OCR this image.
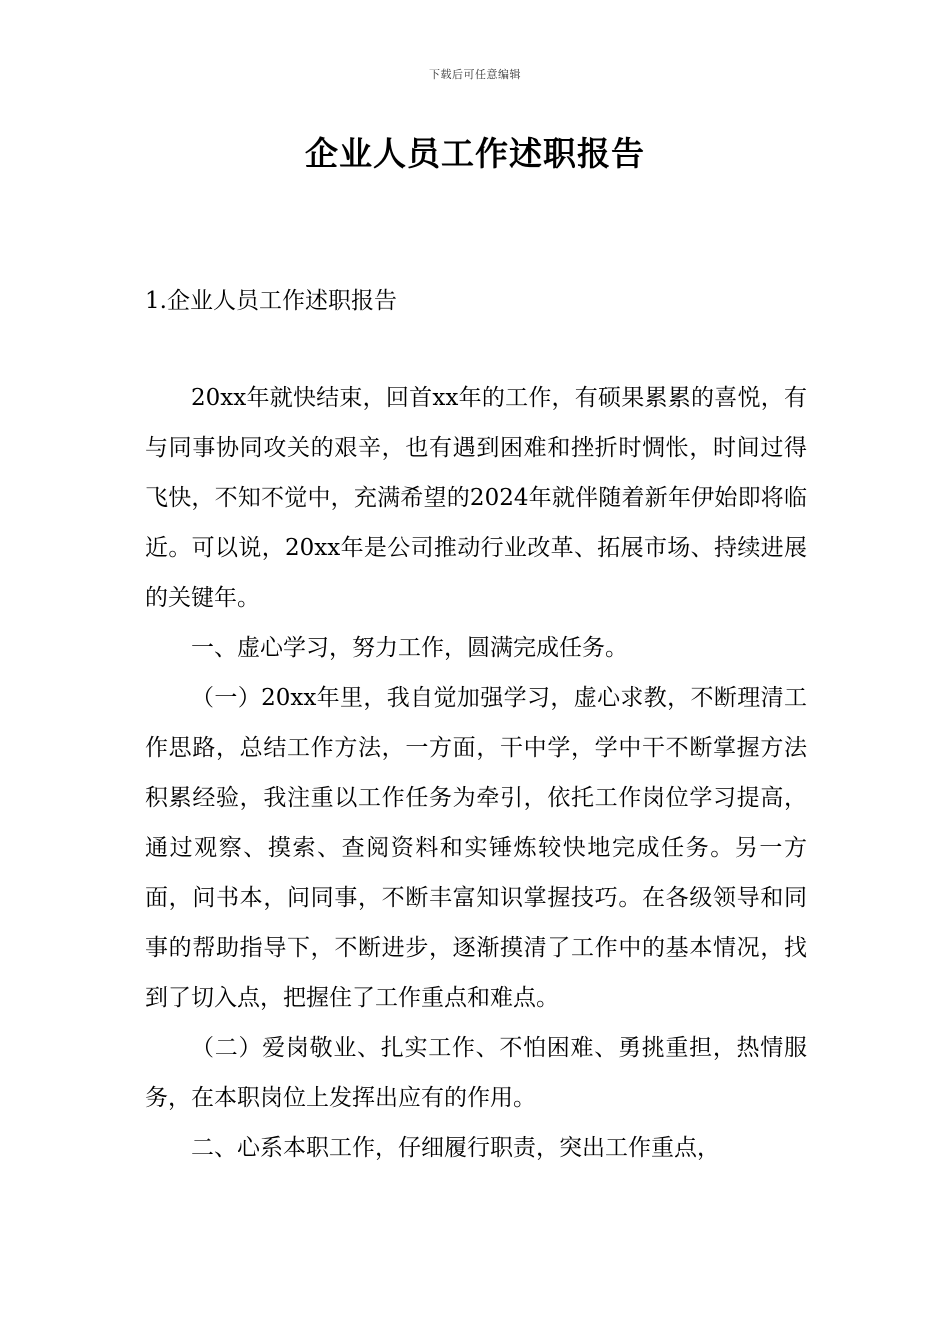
下载后可任意编辑
企业人员工作述职报告
1.企业人员工作述职报告

20xx年就快结束，回首xx年的工作，有硕果累累的喜悦，有与同事协同攻关的艰辛，也有遇到困难和挫折时惆怅，时间过得飞快，不知不觉中，充满希望的2024年就伴随着新年伊始即将临近。可以说，20xx年是公司推动行业改革、拓展市场、持续进展的关键年。

一、虚心学习，努力工作，圆满完成任务。

（一）20xx年里，我自觉加强学习，虚心求教，不断理清工作思路，总结工作方法，一方面，干中学，学中干不断掌握方法积累经验，我注重以工作任务为牵引，依托工作岗位学习提高，通过观察、摸索、查阅资料和实锤炼较快地完成任务。另一方面，问书本，问同事，不断丰富知识掌握技巧。在各级领导和同事的帮助指导下，不断进步，逐渐摸清了工作中的基本情况，找到了切入点，把握住了工作重点和难点。

（二）爱岗敬业、扎实工作、不怕困难、勇挑重担，热情服务，在本职岗位上发挥出应有的作用。

二、心系本职工作，仔细履行职责，突出工作重点，
